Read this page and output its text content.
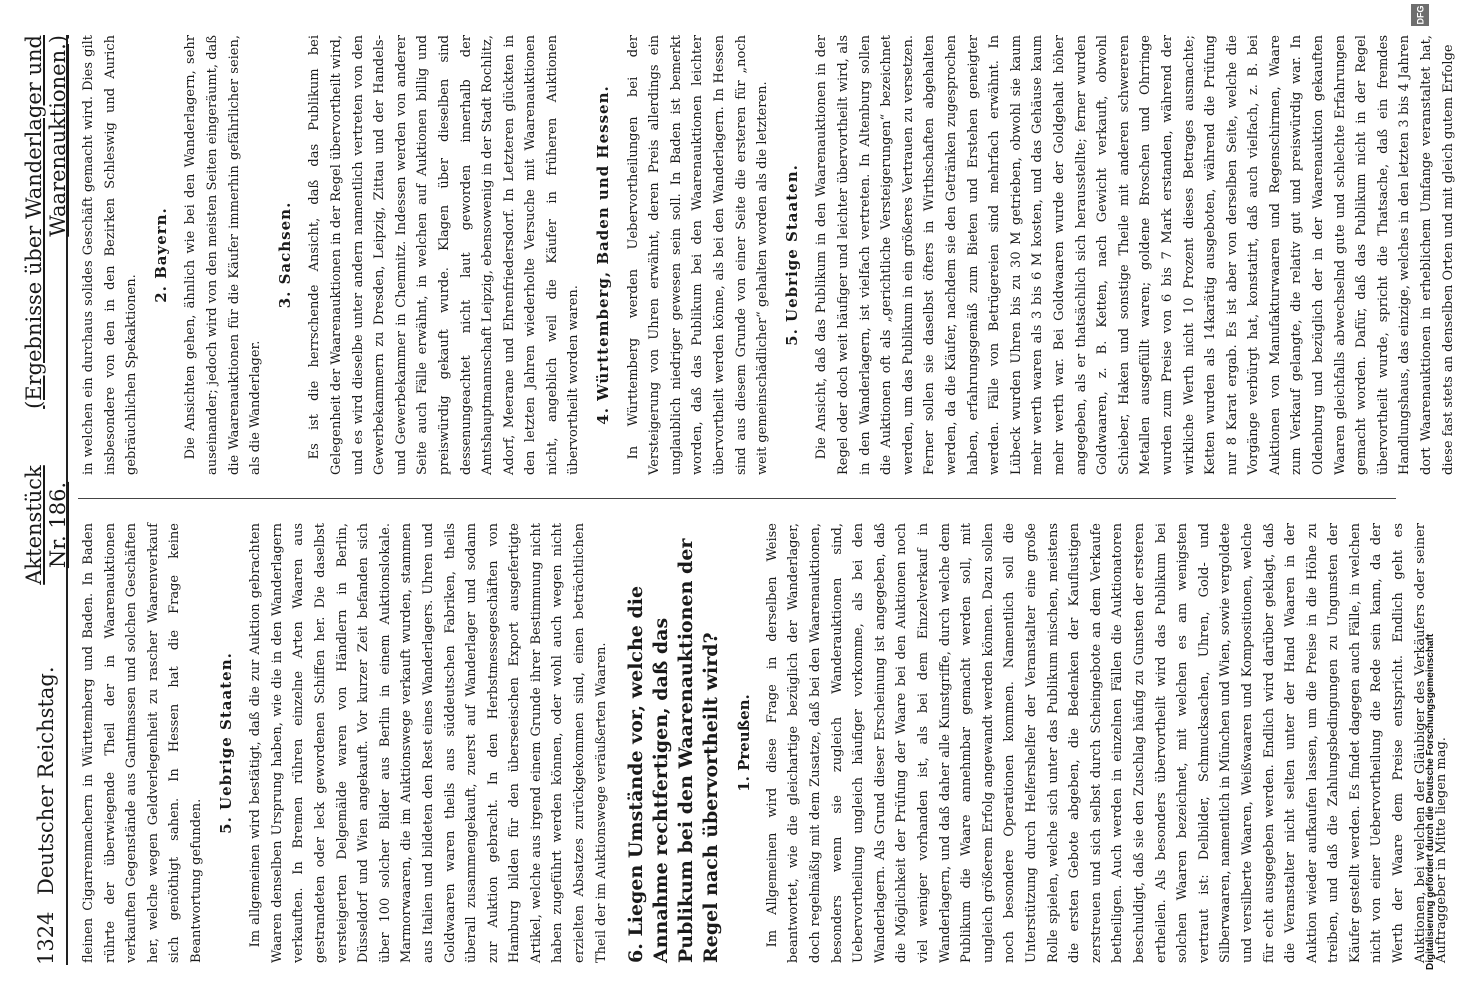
1324
Deutscher Reichstag.
Aktenstück Nr. 186.
(Ergebnisse über Wanderlager und Waarenauktionen.)

fleinen Cigarrenmachern in Württemberg und Baden. In Baden rührte der überwiegende Theil der in Waarenauktionen verkauften Gegenstände aus Gantmassen und solchen Geschäften her, welche wegen Geldverlegenheit zu rascher Waarenverkauf sich genöthigt sahen. In Hessen hat die Frage keine Beantwortung gefunden.

5. Uebrige Staaten. Im allgemeinen wird bestätigt, daß die zur Auktion gebrachten Waaren denselben Ursprung haben, wie die in den Wanderlagern verkauften. In Bremen rühren einzelne Arten Waaren aus gestrandeten oder leck gewordenen Schiffen her. Die daselbst versteigerten Delgemälde waren von Händlern in Berlin, Düsseldorf und Wien angekauft. Vor kurzer Zeit befanden sich über 100 solcher Bilder aus Berlin in einem Auktionslokale. Marmorwaaren, die im Auktionswege verkauft wurden, stammen aus Italien und bildeten den Rest eines Wanderlagers. Uhren und Goldwaaren waren theils aus süddeutschen Fabriken, theils überall zusammengekauft, zuerst auf Wanderlager und sodann zur Auktion gebracht. In den Herbstmessegeschäften von Hamburg bilden für den überseeischen Export ausgefertigte Artikel, welche aus irgend einem Grunde ihrer Bestimmung nicht haben zugeführt werden können, oder wohl auch wegen nicht erzielten Absatzes zurückgekommen sind, einen beträchtlichen Theil der im Auktionswege veräußerten Waaren. 6. Liegen Umstände vor, welche die Annahme rechtfertigen, daß das Publikum bei den Waarenauktionen der Regel nach übervortheilt wird? 1. Preußen. Im Allgemeinen wird diese Frage in derselben Weise beantwortet, wie die gleichartige bezüglich der Wanderlager, doch regelmäßig mit dem Zusatze, daß bei den Waarenauktionen, besonders wenn sie zugleich Wanderauktionen sind, Uebervortheilung ungleich häufiger vorkomme, als bei den Wanderlagern. Als Grund dieser Erscheinung ist angegeben, daß die Möglichkeit der Prüfung der Waare bei den Auktionen noch viel weniger vorhanden ist, als bei dem Einzelverkauf in Wanderlagern, und daß daher alle Kunstgriffe, durch welche dem Publikum die Waare annehmbar gemacht werden soll, mit ungleich größerem Erfolg angewandt werden können. Dazu sollen noch besondere Operationen kommen. Namentlich soll die Unterstützung durch Helfershelfer der Veranstalter eine große Rolle spielen, welche sich unter das Publikum mischen, meistens die ersten Gebote abgeben, die Bedenken der Kauflustigen zerstreuen und sich selbst durch Scheingebote an dem Verkaufe betheiligen. Auch werden in einzelnen Fällen die Auktionatoren beschuldigt, daß sie den Zuschlag häufig zu Gunsten der ersteren ertheilen. Als besonders übervortheilt wird das Publikum bei solchen Waaren bezeichnet, mit welchen es am wenigsten vertraut ist: Delbilder, Schmucksachen, Uhren, Gold- und Silberwaaren, namentlich in München und Wien, sowie vergoldete und versilberte Waaren, Weißwaaren und Kompositionen, welche für echt ausgegeben werden. Endlich wird darüber geklagt, daß die Veranstalter nicht selten unter der Hand Waaren in der Auktion wieder aufkaufen lassen, um die Preise in die Höhe zu treiben, und daß die Zahlungsbedingungen zu Ungunsten der Käufer gestellt werden. Es findet dagegen auch Fälle, in welchen nicht von einer Uebervortheilung die Rede sein kann, da der Werth der Waare dem Preise entspricht. Endlich geht es Auktionen, bei welchen der Gläubiger des Verkäufers oder seiner Auftraggeber in Mitte liegen mag.

in welchen ein durchaus solides Geschäft gemacht wird. Dies gilt insbesondere von den in den Bezirken Schleswig und Aurich gebräuchlichen Spekaktionen.

2. Bayern. Die Ansichten gehen, ähnlich wie bei den Wanderlagern, sehr auseinander; jedoch wird von den meisten Seiten eingeräumt, daß die Waarenauktionen für die Käufer immerhin gefährlicher seien, als die Wanderlager.

3. Sachsen. Es ist die herrschende Ansicht, daß das Publikum bei Gelegenheit der Waarenauktionen in der Regel übervortheilt wird, und es wird dieselbe unter andern namentlich vertreten von den Gewerbekammern zu Dresden, Leipzig, Zittau und der Handels- und Gewerbekammer in Chemnitz. Indessen werden von anderer Seite auch Fälle erwähnt, in welchen auf Auktionen billig und preiswürdig gekauft wurde. Klagen über dieselben sind dessenungeachtet nicht laut geworden innerhalb der Amtshauptmannschaft Leipzig, ebensowenig in der Stadt Rochlitz, Adorf, Meerane und Ehrenfriedersdorf. In Letzteren glückten in den letzten Jahren wiederholte Versuche mit Waarenauktionen nicht, angeblich weil die Käufer in früheren Auktionen übervortheilt worden waren. 4. Württemberg, Baden und Hessen. In Württemberg werden Uebervortheilungen bei der Versteigerung von Uhren erwähnt, deren Preis allerdings ein unglaublich niedriger gewesen sein soll. In Baden ist bemerkt worden, daß das Publikum bei den Waarenauktionen leichter übervortheilt werden könne, als bei den Wanderlagern. In Hessen sind aus diesem Grunde von einer Seite die ersteren für „noch weit gemeinschädlicher“ gehalten worden als die letzteren. 5. Uebrige Staaten. Die Ansicht, daß das Publikum in den Waarenauktionen in der Regel oder doch weit häufiger und leichter übervortheilt wird, als in den Wanderlagern, ist vielfach vertreten. In Altenburg sollen die Auktionen oft als „gerichtliche Versteigerungen“ bezeichnet werden, um das Publikum in ein größeres Vertrauen zu versetzen. Ferner sollen sie daselbst öfters in Wirthschaften abgehalten werden, da die Käufer, nachdem sie den Getränken zugesprochen haben, erfahrungsgemäß zum Bieten und Erstehen geneigter werden. Fälle von Betrügereien sind mehrfach erwähnt. In Lübeck wurden Uhren bis zu 30 M getrieben, obwohl sie kaum mehr werth waren als 3 bis 6 M kosten, und das Gehäuse kaum mehr werth war. Bei Goldwaaren wurde der Goldgehalt höher angegeben, als er thatsächlich sich herausstellte; ferner wurden Goldwaaren, z. B. Ketten, nach Gewicht verkauft, obwohl Schieber, Haken und sonstige Theile mit anderen schwereren Metallen ausgefüllt waren; goldene Broschen und Ohrringe wurden zum Preise von 6 bis 7 Mark erstanden, während der wirkliche Werth nicht 10 Prozent dieses Betrages ausmachte; Ketten wurden als 14karätig ausgeboten, während die Prüfung nur 8 Karat ergab. Es ist aber von derselben Seite, welche die Vorgänge verbürgt hat, konstatirt, daß auch vielfach, z. B. bei Auktionen von Manufakturwaaren und Regenschirmen, Waare zum Verkauf gelangte, die relativ gut und preiswürdig war. In Oldenburg und bezüglich der in der Waarenauktion gekauften Waaren gleichfalls abwechselnd gute und schlechte Erfahrungen gemacht worden. Dafür, daß das Publikum nicht in der Regel übervortheilt wurde, spricht die Thatsache, daß ein fremdes Handlungshaus, das einzige, welches in den letzten 3 bis 4 Jahren dort Waarenauktionen in erheblichem Umfange veranstaltet hat, diese fast stets an denselben Orten und mit gleich gutem Erfolge

DFG
Digitalisierung gefördert durch die Deutsche Forschungsgemeinschaft
